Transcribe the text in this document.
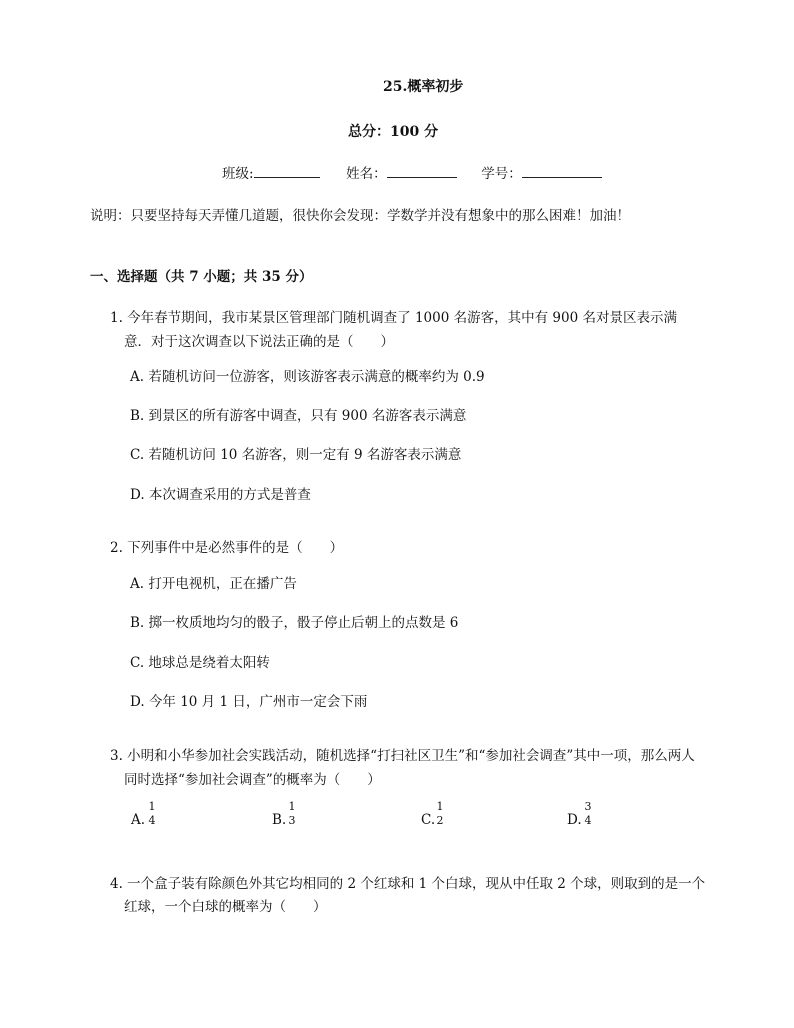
25.概率初步
总分：100 分
班级:	姓名：	学号：
说明：只要坚持每天弄懂几道题，很快你会发现：学数学并没有想象中的那么困难！加油！
一、选择题（共 7 小题；共 35 分）
1. 今年春节期间，我市某景区管理部门随机调查了 1000 名游客，其中有 900 名对景区表示满
意．对于这次调查以下说法正确的是（　　）
A. 若随机访问一位游客，则该游客表示满意的概率约为 0.9
B. 到景区的所有游客中调查，只有 900 名游客表示满意
C. 若随机访问 10 名游客，则一定有 9 名游客表示满意
D. 本次调查采用的方式是普查
2. 下列事件中是必然事件的是（　　）
A. 打开电视机，正在播广告
B. 掷一枚质地均匀的骰子，骰子停止后朝上的点数是 6
C. 地球总是绕着太阳转
D. 今年 10 月 1 日，广州市一定会下雨
3. 小明和小华参加社会实践活动，随机选择“打扫社区卫生”和“参加社会调查”其中一项，那么两人
同时选择“参加社会调查”的概率为（　　）
A.
1
4	B.
1
3	C.
1
2	D.
3
4
4. 一个盒子装有除颜色外其它均相同的 2 个红球和 1 个白球，现从中任取 2 个球，则取到的是一个
红球，一个白球的概率为（　　）
